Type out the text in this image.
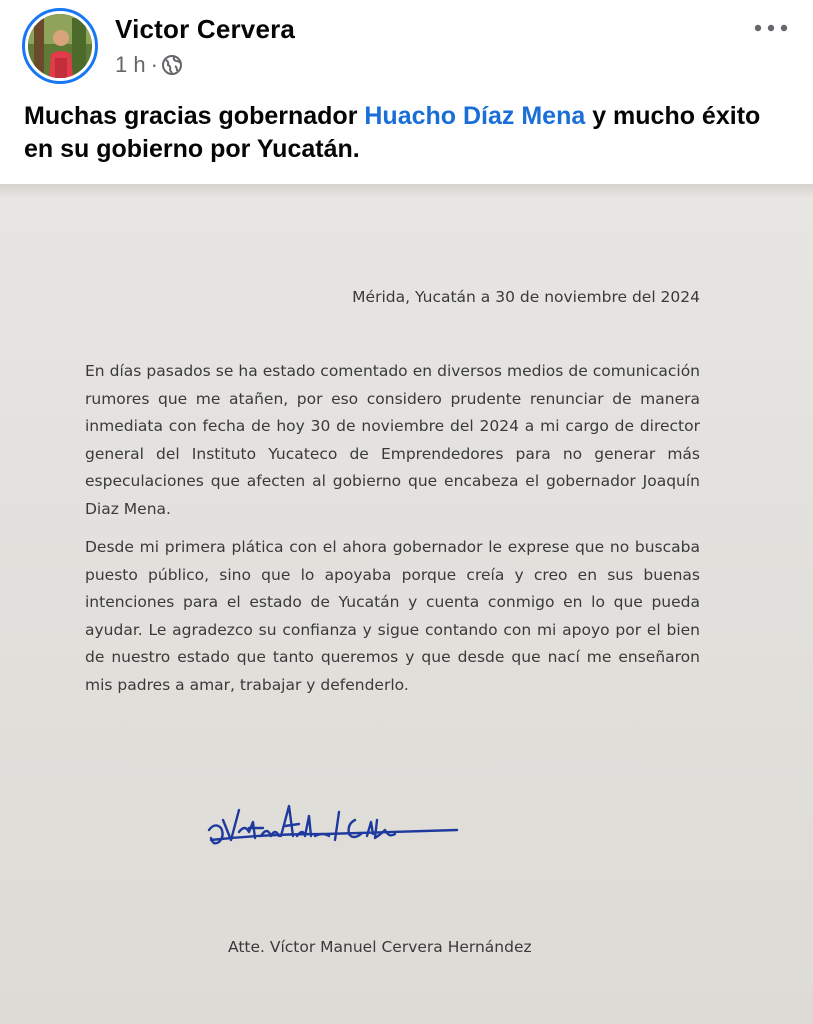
Victor Cervera
1 h ·
Muchas gracias gobernador Huacho Díaz Mena y mucho éxito en su gobierno por Yucatán.
Mérida, Yucatán a 30 de noviembre del 2024

En días pasados se ha estado comentado en diversos medios de comunicación rumores que me atañen, por eso considero prudente renunciar de manera inmediata con fecha de hoy 30 de noviembre del 2024 a mi cargo de director general del Instituto Yucateco de Emprendedores para no generar más especulaciones que afecten al gobierno que encabeza el gobernador Joaquín Diaz Mena.

Desde mi primera plática con el ahora gobernador le exprese que no buscaba puesto público, sino que lo apoyaba porque creía y creo en sus buenas intenciones para el estado de Yucatán y cuenta conmigo en lo que pueda ayudar. Le agradezco su confianza y sigue contando con mi apoyo por el bien de nuestro estado que tanto queremos y que desde que nací me enseñaron mis padres a amar, trabajar y defenderlo.

Atte. Víctor Manuel Cervera Hernández
